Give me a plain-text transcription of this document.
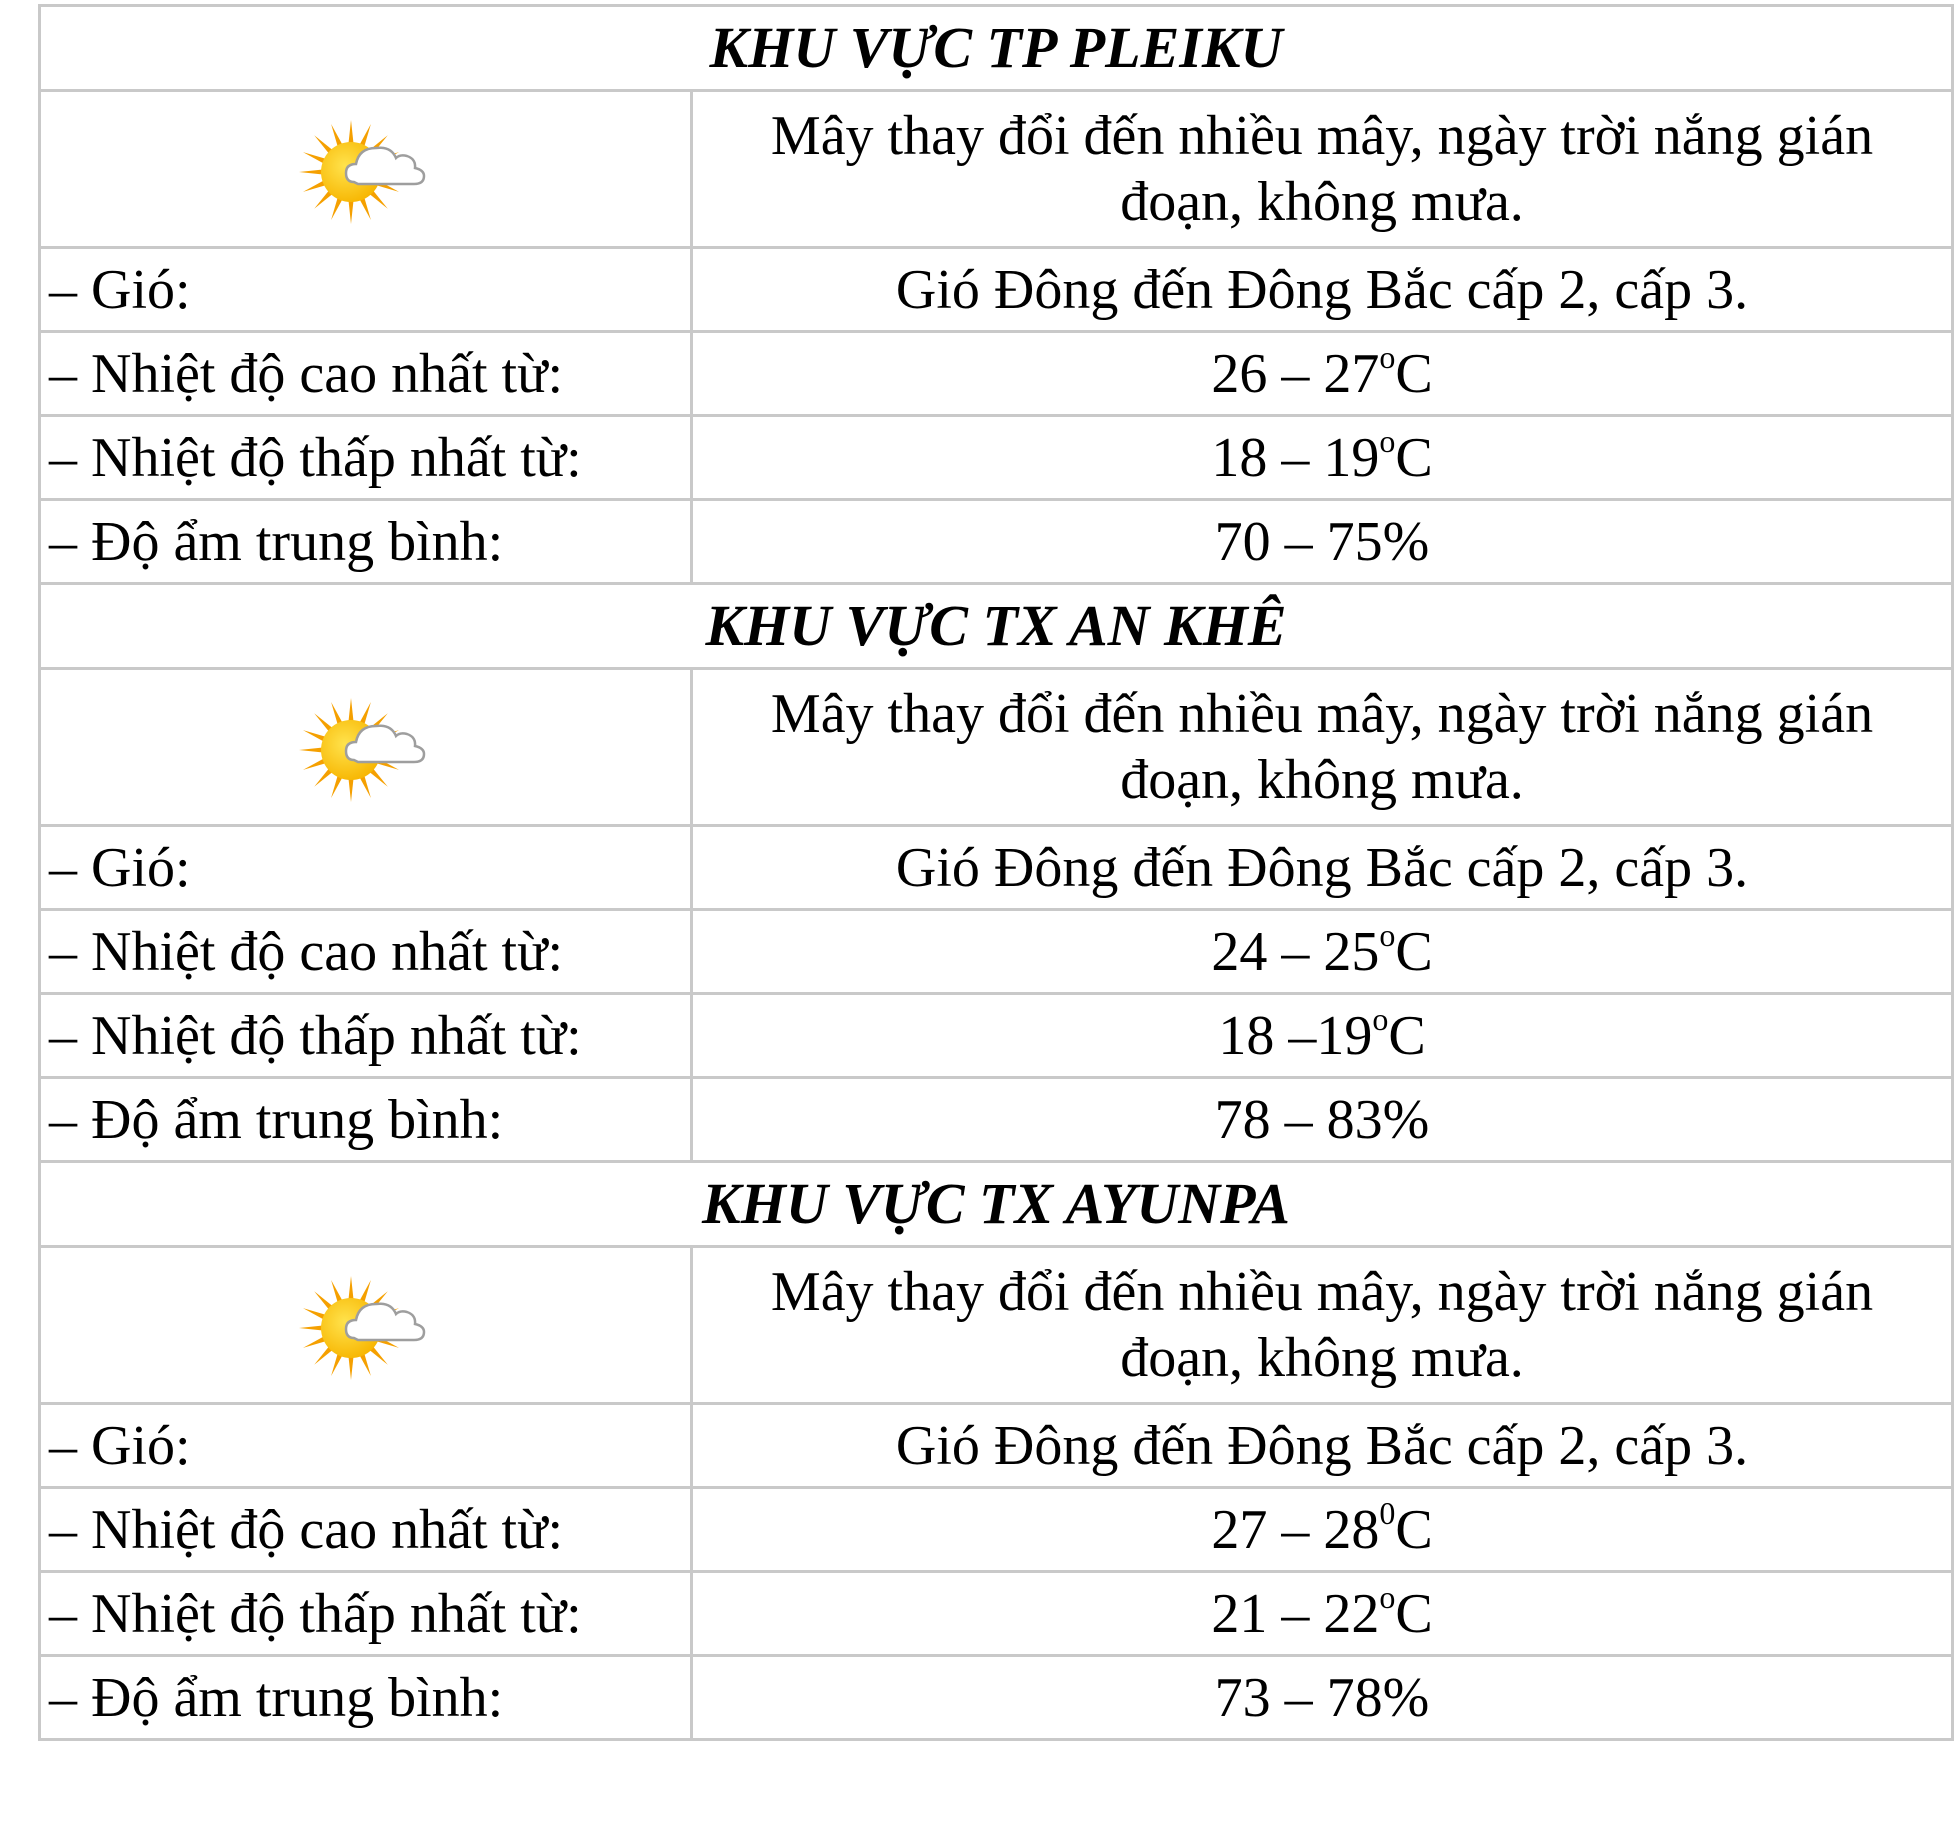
KHU VỰC TP PLEIKU	

	Mây thay đổi đến nhiều mây, ngày trời nắng gián đoạn, không mưa.
– Gió:	Gió Đông đến Đông Bắc cấp 2, cấp 3.
– Nhiệt độ cao nhất từ:	26 – 27$^o$C
– Nhiệt độ thấp nhất từ:	18 – 19$^o$C
– Độ ẩm trung bình:	70 – 75%
KHU VỰC TX AN KHÊ	

	Mây thay đổi đến nhiều mây, ngày trời nắng gián đoạn, không mưa.
– Gió:	Gió Đông đến Đông Bắc cấp 2, cấp 3.
– Nhiệt độ cao nhất từ:	24 – 25$^o$C
– Nhiệt độ thấp nhất từ:	18 –19$^o$C
– Độ ẩm trung bình:	78 – 83%
KHU VỰC TX AYUNPA	

	Mây thay đổi đến nhiều mây, ngày trời nắng gián đoạn, không mưa.
– Gió:	Gió Đông đến Đông Bắc cấp 2, cấp 3.
– Nhiệt độ cao nhất từ:	$27 - 28^0C$
– Nhiệt độ thấp nhất từ:	21 – 22$^o$C
– Độ ẩm trung bình:	73 – 78%
